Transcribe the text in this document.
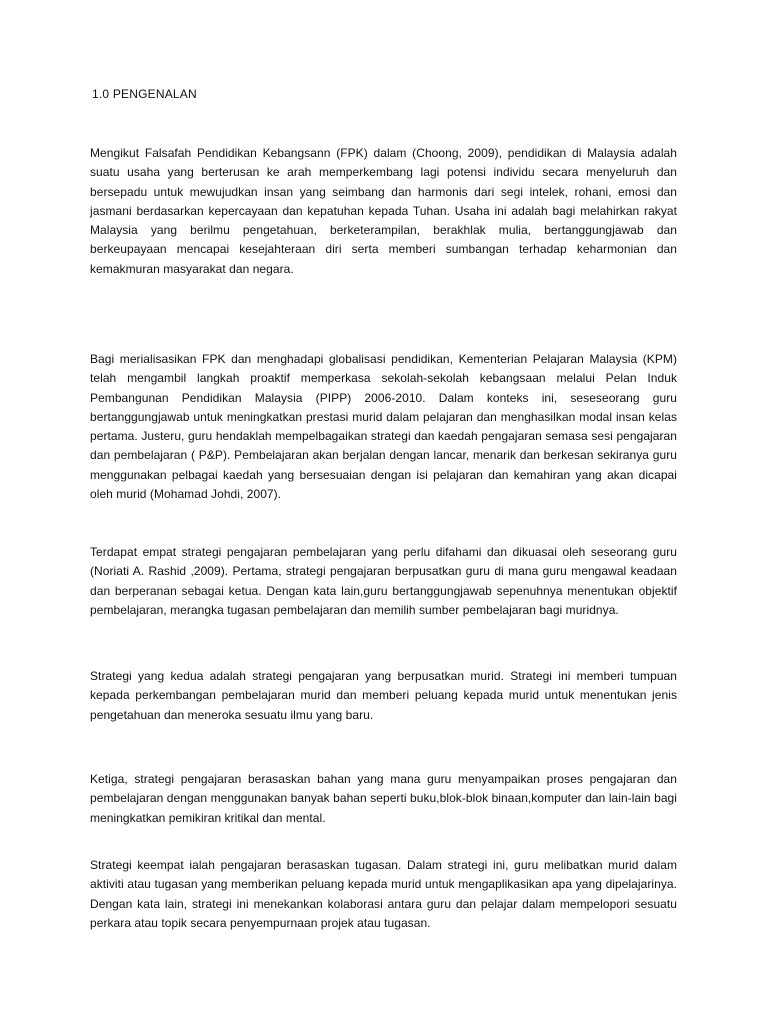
1.0 PENGENALAN

Mengikut Falsafah Pendidikan Kebangsann (FPK) dalam (Choong, 2009), pendidikan di Malaysia adalah suatu usaha yang berterusan ke arah memperkembang lagi potensi individu secara menyeluruh dan bersepadu untuk mewujudkan insan yang seimbang dan harmonis dari segi intelek, rohani, emosi dan jasmani berdasarkan kepercayaan dan kepatuhan kepada Tuhan. Usaha ini adalah bagi melahirkan rakyat Malaysia yang berilmu pengetahuan, berketerampilan, berakhlak mulia, bertanggungjawab dan berkeupayaan mencapai kesejahteraan diri serta memberi sumbangan terhadap keharmonian dan kemakmuran masyarakat dan negara.

Bagi merialisasikan FPK dan menghadapi globalisasi pendidikan, Kementerian Pelajaran Malaysia (KPM) telah mengambil langkah proaktif memperkasa sekolah-sekolah kebangsaan melalui Pelan Induk Pembangunan Pendidikan Malaysia (PIPP) 2006-2010. Dalam konteks ini, seseseorang guru bertanggungjawab untuk meningkatkan prestasi murid dalam pelajaran dan menghasilkan modal insan kelas pertama. Justeru, guru hendaklah mempelbagaikan strategi dan kaedah pengajaran semasa sesi pengajaran dan pembelajaran ( P&P). Pembelajaran akan berjalan dengan lancar, menarik dan berkesan sekiranya guru menggunakan pelbagai kaedah yang bersesuaian dengan isi pelajaran dan kemahiran yang akan dicapai oleh murid (Mohamad Johdi, 2007).

Terdapat empat strategi pengajaran pembelajaran yang perlu difahami dan dikuasai oleh seseorang guru (Noriati A. Rashid ,2009). Pertama, strategi pengajaran berpusatkan guru di mana guru mengawal keadaan dan berperanan sebagai ketua. Dengan kata lain,guru bertanggungjawab sepenuhnya menentukan objektif pembelajaran, merangka tugasan pembelajaran dan memilih sumber pembelajaran bagi muridnya.

Strategi yang kedua adalah strategi pengajaran yang berpusatkan murid. Strategi ini memberi tumpuan kepada perkembangan pembelajaran murid dan memberi peluang kepada murid untuk menentukan jenis pengetahuan dan meneroka sesuatu ilmu yang baru.

Ketiga, strategi pengajaran berasaskan bahan yang mana guru menyampaikan proses pengajaran dan pembelajaran dengan menggunakan banyak bahan seperti buku,blok-blok binaan,komputer dan lain-lain bagi meningkatkan pemikiran kritikal dan mental.

Strategi keempat ialah pengajaran berasaskan tugasan. Dalam strategi ini, guru melibatkan murid dalam aktiviti atau tugasan yang memberikan peluang kepada murid untuk mengaplikasikan apa yang dipelajarinya. Dengan kata lain, strategi ini menekankan kolaborasi antara guru dan pelajar dalam mempelopori sesuatu perkara atau topik secara penyempurnaan projek atau tugasan.
